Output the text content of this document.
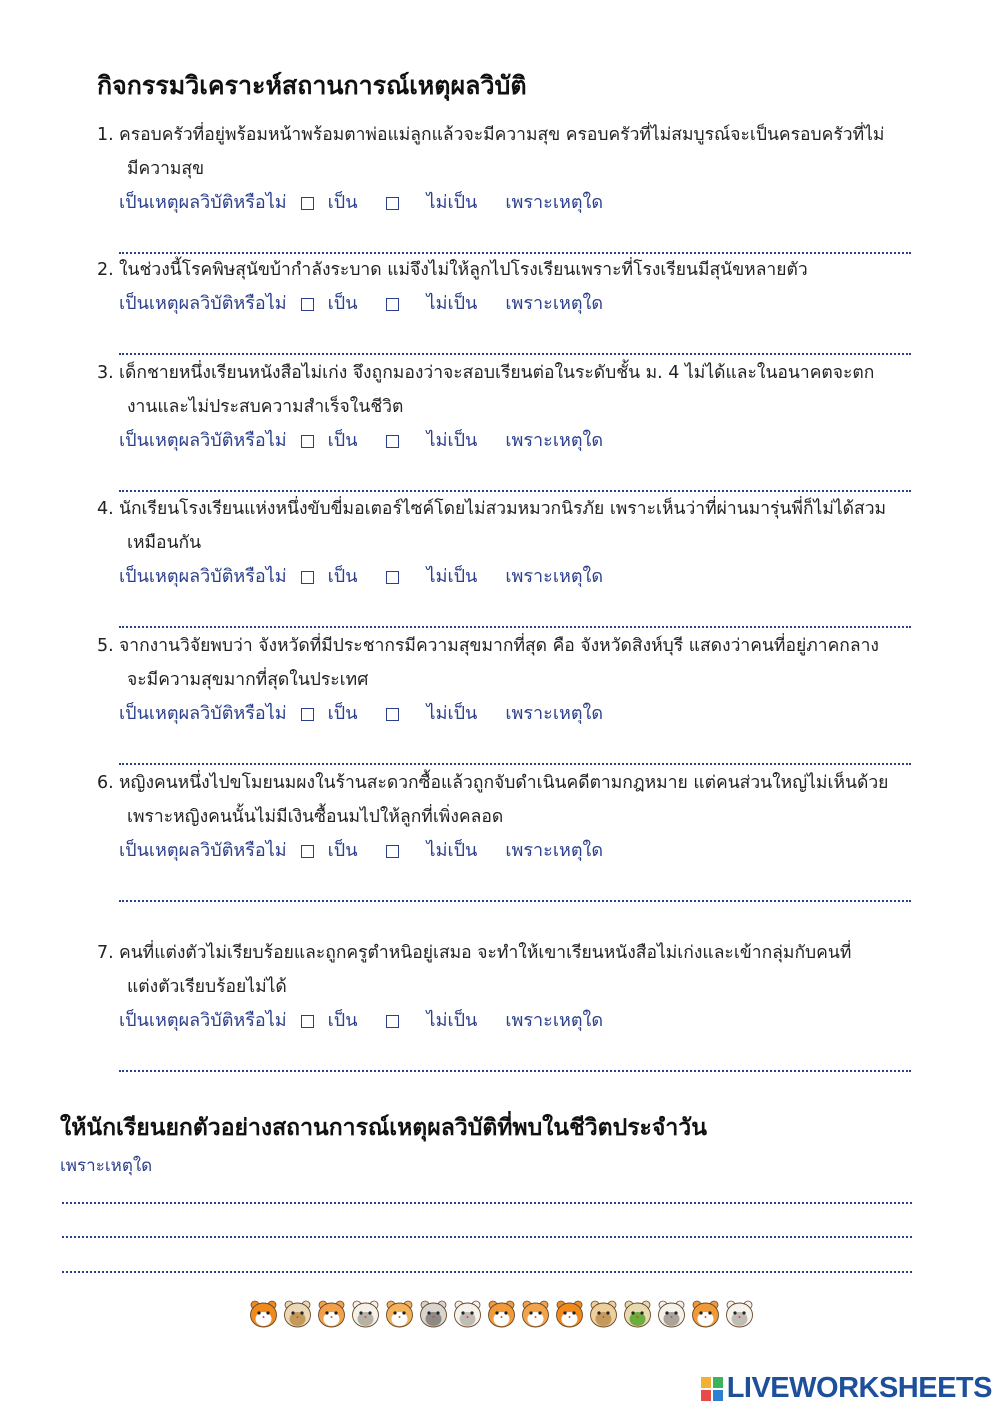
กิจกรรมวิเคราะห์สถานการณ์เหตุผลวิบัติ
1. ครอบครัวที่อยู่พร้อมหน้าพร้อมตาพ่อแม่ลูกแล้วจะมีความสุข ครอบครัวที่ไม่สมบูรณ์จะเป็นครอบครัวที่ไม่
มีความสุข
เป็นเหตุผลวิบัติหรือไม่ เป็น	ไม่เป็น เพราะเหตุใด
2. ในช่วงนี้โรคพิษสุนัขบ้ากำลังระบาด แม่จึงไม่ให้ลูกไปโรงเรียนเพราะที่โรงเรียนมีสุนัขหลายตัว
เป็นเหตุผลวิบัติหรือไม่ เป็น	ไม่เป็น เพราะเหตุใด
3. เด็กชายหนึ่งเรียนหนังสือไม่เก่ง จึงถูกมองว่าจะสอบเรียนต่อในระดับชั้น ม. 4 ไม่ได้และในอนาคตจะตก
งานและไม่ประสบความสำเร็จในชีวิต
เป็นเหตุผลวิบัติหรือไม่ เป็น	ไม่เป็น เพราะเหตุใด
4. นักเรียนโรงเรียนแห่งหนึ่งขับขี่มอเตอร์ไซค์โดยไม่สวมหมวกนิรภัย เพราะเห็นว่าที่ผ่านมารุ่นพี่ก็ไม่ได้สวม
เหมือนกัน
เป็นเหตุผลวิบัติหรือไม่ เป็น	ไม่เป็น เพราะเหตุใด
5. จากงานวิจัยพบว่า จังหวัดที่มีประชากรมีความสุขมากที่สุด คือ จังหวัดสิงห์บุรี แสดงว่าคนที่อยู่ภาคกลาง
จะมีความสุขมากที่สุดในประเทศ
เป็นเหตุผลวิบัติหรือไม่ เป็น	ไม่เป็น เพราะเหตุใด
6. หญิงคนหนึ่งไปขโมยนมผงในร้านสะดวกซื้อแล้วถูกจับดำเนินคดีตามกฎหมาย แต่คนส่วนใหญ่ไม่เห็นด้วย
เพราะหญิงคนนั้นไม่มีเงินซื้อนมไปให้ลูกที่เพิ่งคลอด
เป็นเหตุผลวิบัติหรือไม่ เป็น	ไม่เป็น เพราะเหตุใด
7. คนที่แต่งตัวไม่เรียบร้อยและถูกครูตำหนิอยู่เสมอ จะทำให้เขาเรียนหนังสือไม่เก่งและเข้ากลุ่มกับคนที่
แต่งตัวเรียบร้อยไม่ได้
เป็นเหตุผลวิบัติหรือไม่ เป็น	ไม่เป็น เพราะเหตุใด
ให้นักเรียนยกตัวอย่างสถานการณ์เหตุผลวิบัติที่พบในชีวิตประจำวัน
เพราะเหตุใด
LIVEWORKSHEETS
